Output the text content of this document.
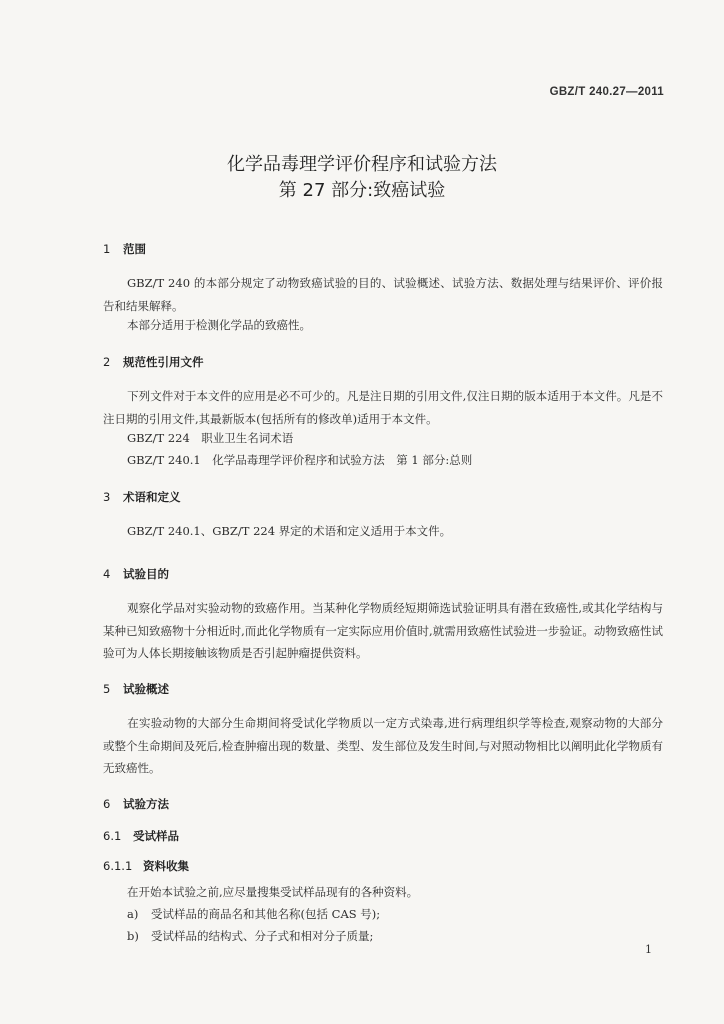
GBZ/T 240.27—2011
化学品毒理学评价程序和试验方法
第 27 部分:致癌试验
1 范围
GBZ/T 240 的本部分规定了动物致癌试验的目的、试验概述、试验方法、数据处理与结果评价、评价报告和结果解释。
本部分适用于检测化学品的致癌性。
2 规范性引用文件
下列文件对于本文件的应用是必不可少的。凡是注日期的引用文件,仅注日期的版本适用于本文件。凡是不注日期的引用文件,其最新版本(包括所有的修改单)适用于本文件。
GBZ/T 224　职业卫生名词术语
GBZ/T 240.1　化学品毒理学评价程序和试验方法　第 1 部分:总则
3 术语和定义
GBZ/T 240.1、GBZ/T 224 界定的术语和定义适用于本文件。
4 试验目的
观察化学品对实验动物的致癌作用。当某种化学物质经短期筛选试验证明具有潜在致癌性,或其化学结构与某种已知致癌物十分相近时,而此化学物质有一定实际应用价值时,就需用致癌性试验进一步验证。动物致癌性试验可为人体长期接触该物质是否引起肿瘤提供资料。
5 试验概述
在实验动物的大部分生命期间将受试化学物质以一定方式染毒,进行病理组织学等检查,观察动物的大部分或整个生命期间及死后,检查肿瘤出现的数量、类型、发生部位及发生时间,与对照动物相比以阐明此化学物质有无致癌性。
6 试验方法
6.1 受试样品
6.1.1 资料收集
在开始本试验之前,应尽量搜集受试样品现有的各种资料。
a) 受试样品的商品名和其他名称(包括 CAS 号);
b) 受试样品的结构式、分子式和相对分子质量;
1
